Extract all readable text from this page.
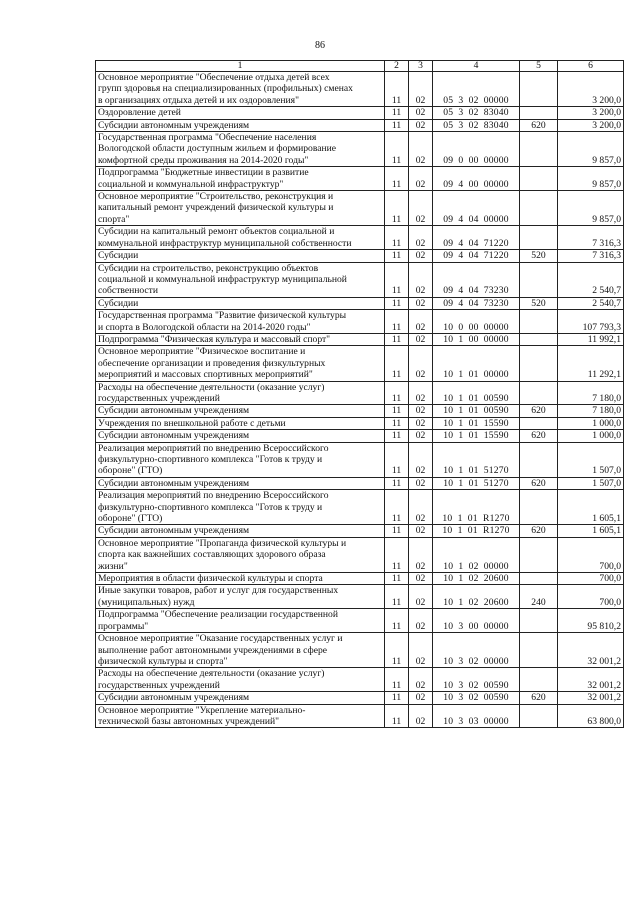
86
1	2	3	4	5	6
Основное мероприятие "Обеспечение отдыха детей всех
групп здоровья на специализированных (профильных) сменах
в организациях отдыха детей и их оздоровления"	11	02	05  3  02  00000		3 200,0
Оздоровление детей	11	02	05  3  02  83040		3 200,0
Субсидии автономным учреждениям	11	02	05  3  02  83040	620	3 200,0
Государственная программа "Обеспечение населения
Вологодской области доступным жильем и формирование
комфортной среды проживания на 2014-2020 годы"	11	02	09  0  00  00000		9 857,0
Подпрограмма "Бюджетные инвестиции в развитие
социальной и коммунальной инфраструктур"	11	02	09  4  00  00000		9 857,0
Основное мероприятие "Строительство, реконструкция и
капитальный ремонт учреждений физической культуры и
спорта"	11	02	09  4  04  00000		9 857,0
Субсидии на капитальный ремонт объектов социальной и
коммунальной инфраструктур муниципальной собственности	11	02	09  4  04  71220		7 316,3
Субсидии	11	02	09  4  04  71220	520	7 316,3
Субсидии на строительство, реконструкцию объектов
социальной и коммунальной инфраструктур муниципальной
собственности	11	02	09  4  04  73230		2 540,7
Субсидии	11	02	09  4  04  73230	520	2 540,7
Государственная программа "Развитие физической культуры
и спорта в Вологодской области на 2014-2020 годы"	11	02	10  0  00  00000		107 793,3
Подпрограмма "Физическая культура и массовый спорт"	11	02	10  1  00  00000		11 992,1
Основное мероприятие "Физическое воспитание и
обеспечение организации и проведения физкультурных
мероприятий и массовых спортивных мероприятий"	11	02	10  1  01  00000		11 292,1
Расходы на обеспечение деятельности (оказание услуг)
государственных учреждений	11	02	10  1  01  00590		7 180,0
Субсидии автономным учреждениям	11	02	10  1  01  00590	620	7 180,0
Учреждения по внешкольной работе с детьми	11	02	10  1  01  15590		1 000,0
Субсидии автономным учреждениям	11	02	10  1  01  15590	620	1 000,0
Реализация мероприятий по внедрению Всероссийского
физкультурно-спортивного комплекса "Готов к труду и
обороне" (ГТО)	11	02	10  1  01  51270		1 507,0
Субсидии автономным учреждениям	11	02	10  1  01  51270	620	1 507,0
Реализация мероприятий по внедрению Всероссийского
физкультурно-спортивного комплекса "Готов к труду и
обороне" (ГТО)	11	02	10  1  01  R1270		1 605,1
Субсидии автономным учреждениям	11	02	10  1  01  R1270	620	1 605,1
Основное мероприятие "Пропаганда физической культуры и
спорта как важнейших составляющих здорового образа
жизни"	11	02	10  1  02  00000		700,0
Мероприятия в области физической культуры и спорта	11	02	10  1  02  20600		700,0
Иные закупки товаров, работ и услуг для государственных
(муниципальных) нужд	11	02	10  1  02  20600	240	700,0
Подпрограмма "Обеспечение реализации государственной
программы"	11	02	10  3  00  00000		95 810,2
Основное мероприятие "Оказание государственных услуг и
выполнение работ автономными учреждениями в сфере
физической культуры и спорта"	11	02	10  3  02  00000		32 001,2
Расходы на обеспечение деятельности (оказание услуг)
государственных учреждений	11	02	10  3  02  00590		32 001,2
Субсидии автономным учреждениям	11	02	10  3  02  00590	620	32 001,2
Основное мероприятие "Укрепление материально-
технической базы автономных учреждений"	11	02	10  3  03  00000		63 800,0
